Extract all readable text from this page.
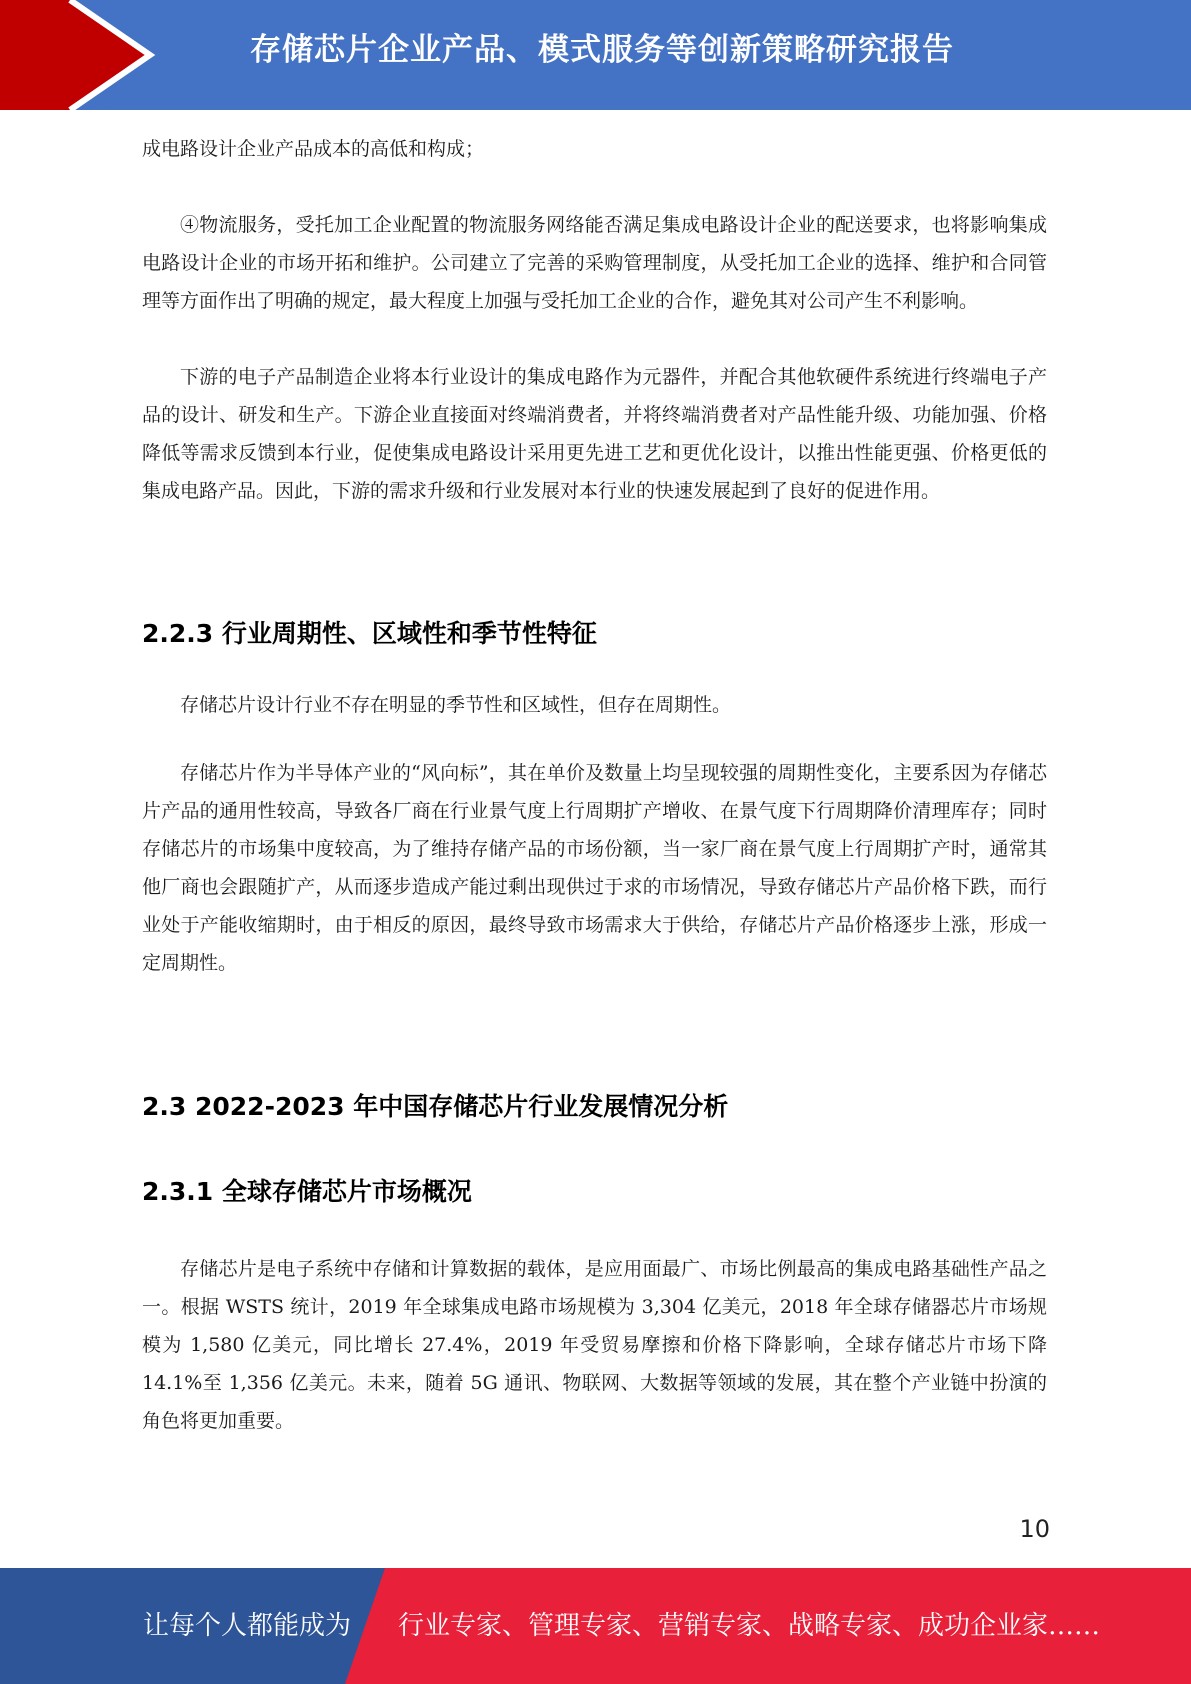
存储芯片企业产品、模式服务等创新策略研究报告

成电路设计企业产品成本的高低和构成；

④物流服务，受托加工企业配置的物流服务网络能否满足集成电路设计企业的配送要求，也将影响集成电路设计企业的市场开拓和维护。公司建立了完善的采购管理制度，从受托加工企业的选择、维护和合同管理等方面作出了明确的规定，最大程度上加强与受托加工企业的合作，避免其对公司产生不利影响。

下游的电子产品制造企业将本行业设计的集成电路作为元器件，并配合其他软硬件系统进行终端电子产品的设计、研发和生产。下游企业直接面对终端消费者，并将终端消费者对产品性能升级、功能加强、价格降低等需求反馈到本行业，促使集成电路设计采用更先进工艺和更优化设计，以推出性能更强、价格更低的集成电路产品。因此，下游的需求升级和行业发展对本行业的快速发展起到了良好的促进作用。

2.2.3 行业周期性、区域性和季节性特征

存储芯片设计行业不存在明显的季节性和区域性，但存在周期性。

存储芯片作为半导体产业的“风向标”，其在单价及数量上均呈现较强的周期性变化，主要系因为存储芯片产品的通用性较高，导致各厂商在行业景气度上行周期扩产增收、在景气度下行周期降价清理库存；同时存储芯片的市场集中度较高，为了维持存储产品的市场份额，当一家厂商在景气度上行周期扩产时，通常其他厂商也会跟随扩产，从而逐步造成产能过剩出现供过于求的市场情况，导致存储芯片产品价格下跌，而行业处于产能收缩期时，由于相反的原因，最终导致市场需求大于供给，存储芯片产品价格逐步上涨，形成一定周期性。

2.3 2022-2023 年中国存储芯片行业发展情况分析
2.3.1 全球存储芯片市场概况

存储芯片是电子系统中存储和计算数据的载体，是应用面最广、市场比例最高的集成电路基础性产品之一。根据 WSTS 统计，2019 年全球集成电路市场规模为 3,304 亿美元，2018 年全球存储器芯片市场规模为 1,580 亿美元，同比增长 27.4%，2019 年受贸易摩擦和价格下降影响，全球存储芯片市场下降 14.1%至 1,356 亿美元。未来，随着 5G 通讯、物联网、大数据等领域的发展，其在整个产业链中扮演的角色将更加重要。

10
让每个人都能成为 行业专家、管理专家、营销专家、战略专家、成功企业家……
